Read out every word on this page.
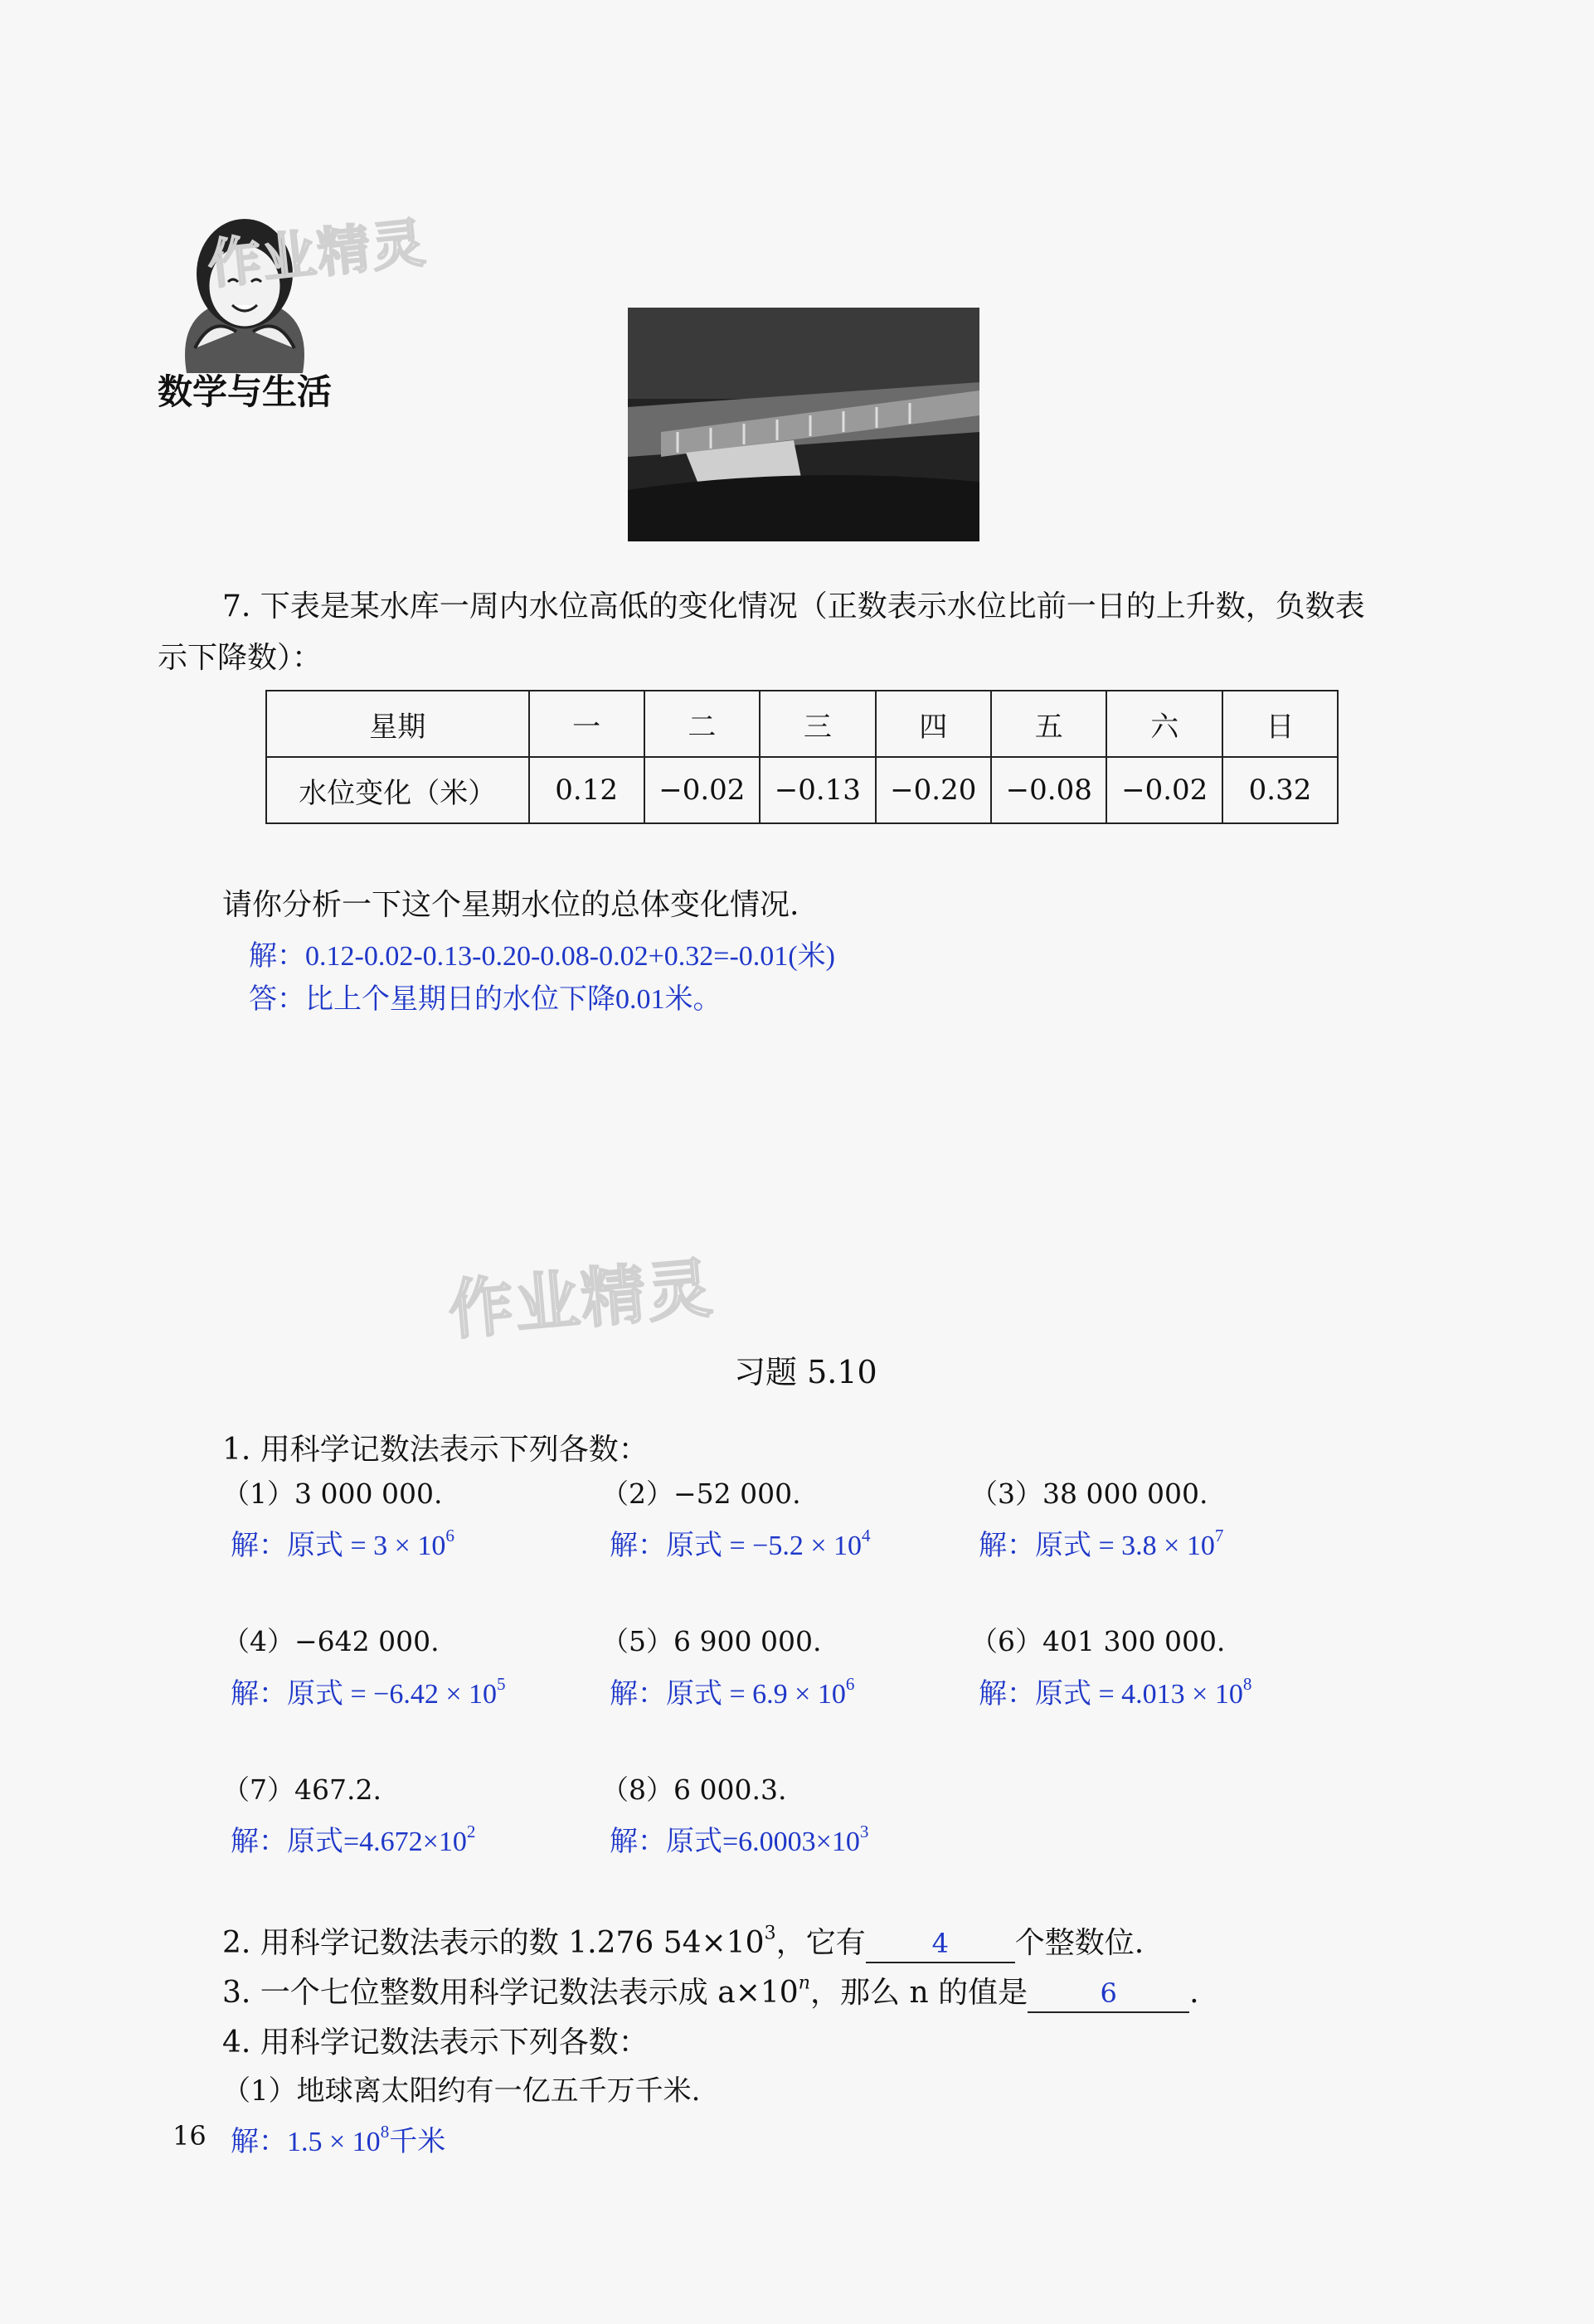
作业精灵
数学与生活
7. 下表是某水库一周内水位高低的变化情况（正数表示水位比前一日的上升数，负数表
示下降数）：
星期	一	二	三	四	五	六	日
水位变化（米）	0.12	−0.02	−0.13	−0.20	−0.08	−0.02	0.32
请你分析一下这个星期水位的总体变化情况.
解：0.12-0.02-0.13-0.20-0.08-0.02+0.32=-0.01(米)
答：比上个星期日的水位下降0.01米。
作业精灵
习题 5.10
1. 用科学记数法表示下列各数：
（1）3 000 000.	（2）−52 000.	（3）38 000 000.
解：原式 = $3 \times 10^6$	解：原式 = $-5.2 \times 10^4$	解：原式 = $3.8 \times 10^7$
（4）−642 000.	（5）6 900 000.	（6）401 300 000.
解：原式 = $-6.42 \times 10^5$	解：原式 = $6.9 \times 10^6$	解：原式 = $4.013 \times 10^8$
（7）467.2.	（8）6 000.3.
解：原式$=4.672\times 10^2$	解：原式$=6.0003\times 10^3$
2. 用科学记数法表示的数 1.276 $54\times 10^3$，它有 4 个整数位.
3. 一个七位整数用科学记数法表示成 $a\times 10^n$，那么 n 的值是	6 .
4. 用科学记数法表示下列各数：
（1）地球离太阳约有一亿五千万千米.
16 解：$1.5 \times 10^8$千米
